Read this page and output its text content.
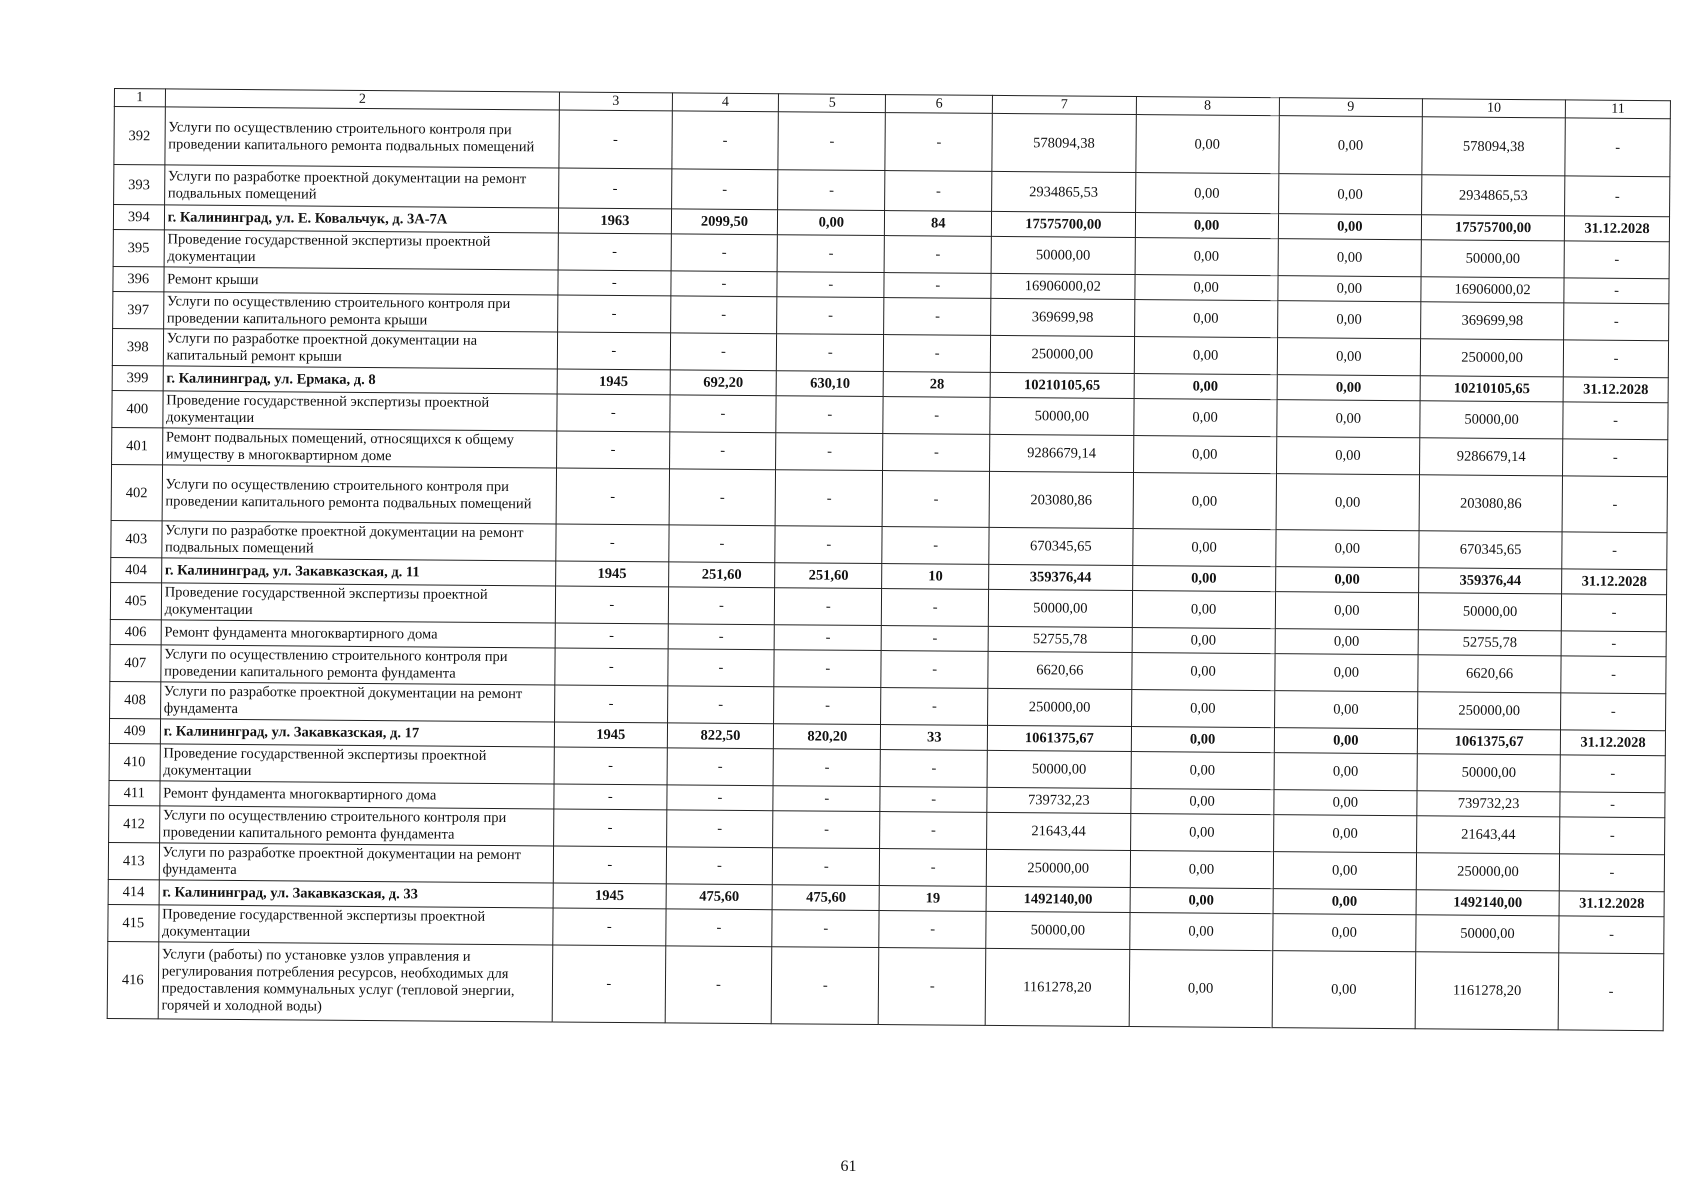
1	2	3	4	5	6	7	8	9	10	11
392	Услуги по осуществлению строительного контроля при проведении капитального ремонта подвальных помещений	-	-	-	-	578094,38	0,00	0,00	578094,38	-
393	Услуги по разработке проектной документации на ремонт подвальных помещений	-	-	-	-	2934865,53	0,00	0,00	2934865,53	-
394	г. Калининград, ул. Е. Ковальчук, д. 3А-7А	1963	2099,50	0,00	84	17575700,00	0,00	0,00	17575700,00	31.12.2028
395	Проведение государственной экспертизы проектной документации	-	-	-	-	50000,00	0,00	0,00	50000,00	-
396	Ремонт крыши	-	-	-	-	16906000,02	0,00	0,00	16906000,02	-
397	Услуги по осуществлению строительного контроля при проведении капитального ремонта крыши	-	-	-	-	369699,98	0,00	0,00	369699,98	-
398	Услуги по разработке проектной документации на капитальный ремонт крыши	-	-	-	-	250000,00	0,00	0,00	250000,00	-
399	г. Калининград, ул. Ермака, д. 8	1945	692,20	630,10	28	10210105,65	0,00	0,00	10210105,65	31.12.2028
400	Проведение государственной экспертизы проектной документации	-	-	-	-	50000,00	0,00	0,00	50000,00	-
401	Ремонт подвальных помещений, относящихся к общему имуществу в многоквартирном доме	-	-	-	-	9286679,14	0,00	0,00	9286679,14	-
402	Услуги по осуществлению строительного контроля при проведении капитального ремонта подвальных помещений	-	-	-	-	203080,86	0,00	0,00	203080,86	-
403	Услуги по разработке проектной документации на ремонт подвальных помещений	-	-	-	-	670345,65	0,00	0,00	670345,65	-
404	г. Калининград, ул. Закавказская, д. 11	1945	251,60	251,60	10	359376,44	0,00	0,00	359376,44	31.12.2028
405	Проведение государственной экспертизы проектной документации	-	-	-	-	50000,00	0,00	0,00	50000,00	-
406	Ремонт фундамента многоквартирного дома	-	-	-	-	52755,78	0,00	0,00	52755,78	-
407	Услуги по осуществлению строительного контроля при проведении капитального ремонта фундамента	-	-	-	-	6620,66	0,00	0,00	6620,66	-
408	Услуги по разработке проектной документации на ремонт фундамента	-	-	-	-	250000,00	0,00	0,00	250000,00	-
409	г. Калининград, ул. Закавказская, д. 17	1945	822,50	820,20	33	1061375,67	0,00	0,00	1061375,67	31.12.2028
410	Проведение государственной экспертизы проектной документации	-	-	-	-	50000,00	0,00	0,00	50000,00	-
411	Ремонт фундамента многоквартирного дома	-	-	-	-	739732,23	0,00	0,00	739732,23	-
412	Услуги по осуществлению строительного контроля при проведении капитального ремонта фундамента	-	-	-	-	21643,44	0,00	0,00	21643,44	-
413	Услуги по разработке проектной документации на ремонт фундамента	-	-	-	-	250000,00	0,00	0,00	250000,00	-
414	г. Калининград, ул. Закавказская, д. 33	1945	475,60	475,60	19	1492140,00	0,00	0,00	1492140,00	31.12.2028
415	Проведение государственной экспертизы проектной документации	-	-	-	-	50000,00	0,00	0,00	50000,00	-
416	Услуги (работы) по установке узлов управления и регулирования потребления ресурсов, необходимых для предоставления коммунальных услуг (тепловой энергии, горячей и холодной воды)	-	-	-	-	1161278,20	0,00	0,00	1161278,20	-
61
